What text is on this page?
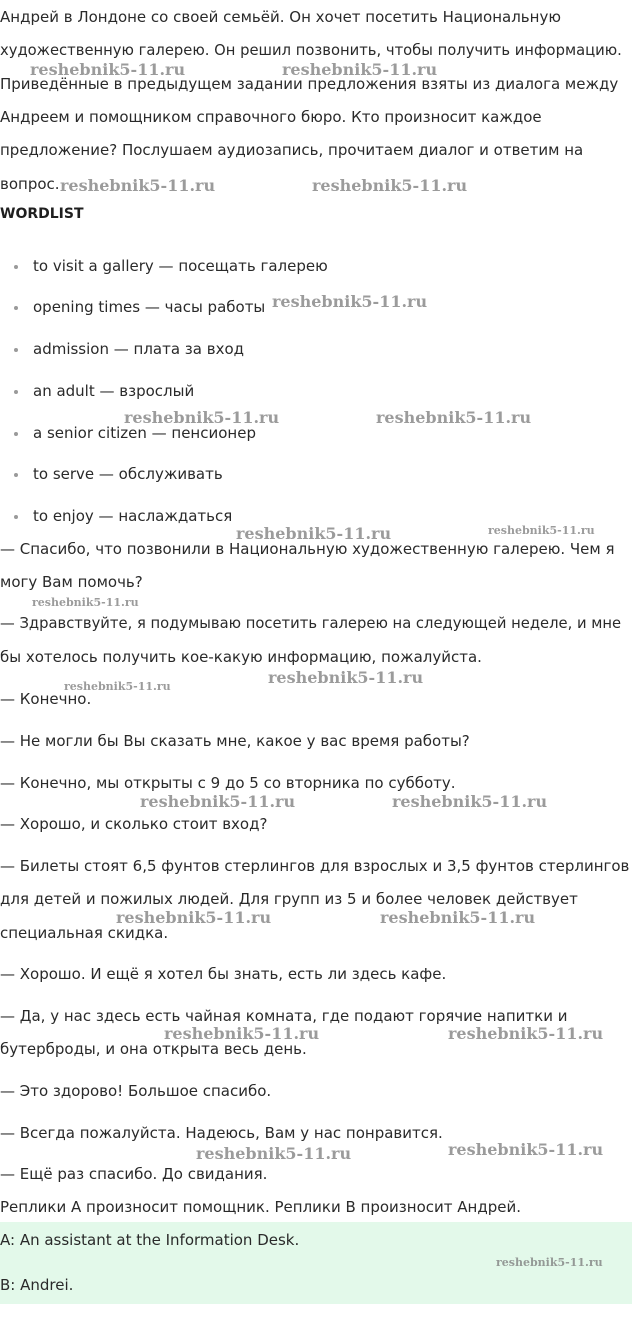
Андрей в Лондоне со своей семьёй. Он хочет посетить Национальную

художественную галерею. Он решил позвонить, чтобы получить информацию.

Приведённые в предыдущем задании предложения взяты из диалога между

Андреем и помощником справочного бюро. Кто произносит каждое

предложение? Послушаем аудиозапись, прочитаем диалог и ответим на

вопрос.

WORDLIST

to visit a gallery — посещать галерею
opening times — часы работы
admission — плата за вход
an adult — взрослый
a senior citizen — пенсионер
to serve — обслуживать
to enjoy — наслаждаться

— Спасибо, что позвонили в Национальную художественную галерею. Чем я

могу Вам помочь?

— Здравствуйте, я подумываю посетить галерею на следующей неделе, и мне

бы хотелось получить кое-какую информацию, пожалуйста.

— Конечно.

— Не могли бы Вы сказать мне, какое у вас время работы?

— Конечно, мы открыты с 9 до 5 со вторника по субботу.

— Хорошо, и сколько стоит вход?

— Билеты стоят 6,5 фунтов стерлингов для взрослых и 3,5 фунтов стерлингов

для детей и пожилых людей. Для групп из 5 и более человек действует

специальная скидка.

— Хорошо. И ещё я хотел бы знать, есть ли здесь кафе.

— Да, у нас здесь есть чайная комната, где подают горячие напитки и

бутерброды, и она открыта весь день.

— Это здорово! Большое спасибо.

— Всегда пожалуйста. Надеюсь, Вам у нас понравится.

— Ещё раз спасибо. До свидания.

Реплики А произносит помощник. Реплики B произносит Андрей.

A: An assistant at the Information Desk.
B: Andrei.
reshebnik5-11.ru	reshebnik5-11.ru
reshebnik5-11.ru	reshebnik5-11.ru
reshebnik5-11.ru
reshebnik5-11.ru	reshebnik5-11.ru
reshebnik5-11.ru	reshebnik5-11.ru
reshebnik5-11.ru
reshebnik5-11.ru	reshebnik5-11.ru
reshebnik5-11.ru	reshebnik5-11.ru
reshebnik5-11.ru	reshebnik5-11.ru
reshebnik5-11.ru	reshebnik5-11.ru
reshebnik5-11.ru	reshebnik5-11.ru
reshebnik5-11.ru
